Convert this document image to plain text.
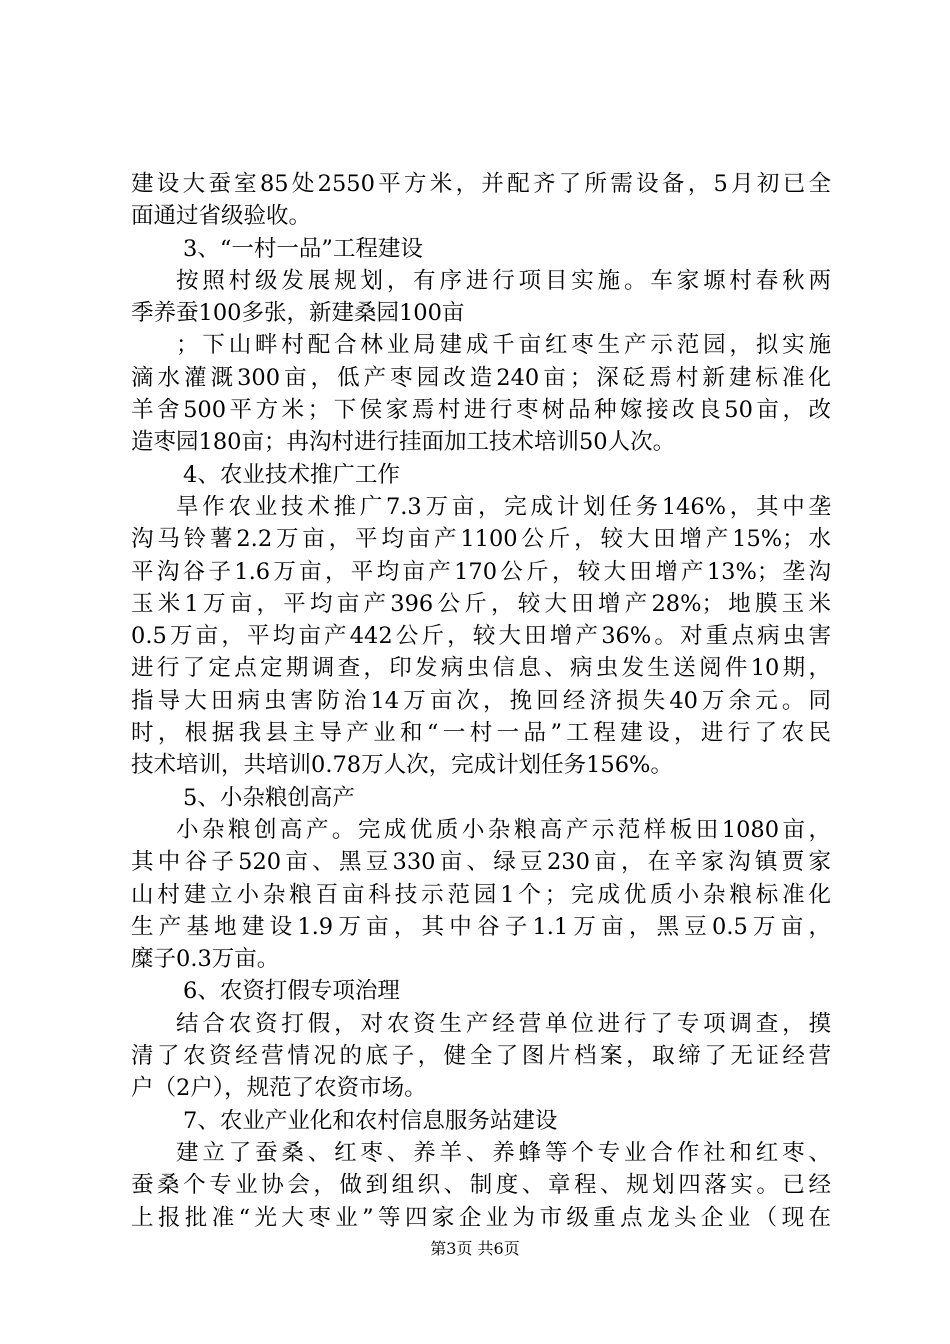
建设大蚕室85处2550平方米，并配齐了所需设备，5月初已全
面通过省级验收。
3、“一村一品”工程建设
按照村级发展规划，有序进行项目实施。车家塬村春秋两
季养蚕100多张，新建桑园100亩
；下山畔村配合林业局建成千亩红枣生产示范园，拟实施
滴水灌溉300亩，低产枣园改造240亩；深砭焉村新建标准化
羊舍500平方米；下侯家焉村进行枣树品种嫁接改良50亩，改
造枣园180亩；冉沟村进行挂面加工技术培训50人次。
4、农业技术推广工作
旱作农业技术推广7.3万亩，完成计划任务146%，其中垄
沟马铃薯2.2万亩，平均亩产1100公斤，较大田增产15%；水
平沟谷子1.6万亩，平均亩产170公斤，较大田增产13%；垄沟
玉米1万亩，平均亩产396公斤，较大田增产28%；地膜玉米
0.5万亩，平均亩产442公斤，较大田增产36%。对重点病虫害
进行了定点定期调查，印发病虫信息、病虫发生送阅件10期，
指导大田病虫害防治14万亩次，挽回经济损失40万余元。同
时，根据我县主导产业和“一村一品”工程建设，进行了农民
技术培训，共培训0.78万人次，完成计划任务156%。
5、小杂粮创高产
小杂粮创高产。完成优质小杂粮高产示范样板田1080亩，
其中谷子520亩、黑豆330亩、绿豆230亩，在辛家沟镇贾家
山村建立小杂粮百亩科技示范园1个；完成优质小杂粮标准化
生产基地建设1.9万亩，其中谷子1.1万亩，黑豆0.5万亩，
糜子0.3万亩。
6、农资打假专项治理
结合农资打假，对农资生产经营单位进行了专项调查，摸
清了农资经营情况的底子，健全了图片档案，取缔了无证经营
户（2户），规范了农资市场。
7、农业产业化和农村信息服务站建设
建立了蚕桑、红枣、养羊、养蜂等个专业合作社和红枣、
蚕桑个专业协会，做到组织、制度、章程、规划四落实。已经
上报批准“光大枣业”等四家企业为市级重点龙头企业（现在
第3页 共6页
